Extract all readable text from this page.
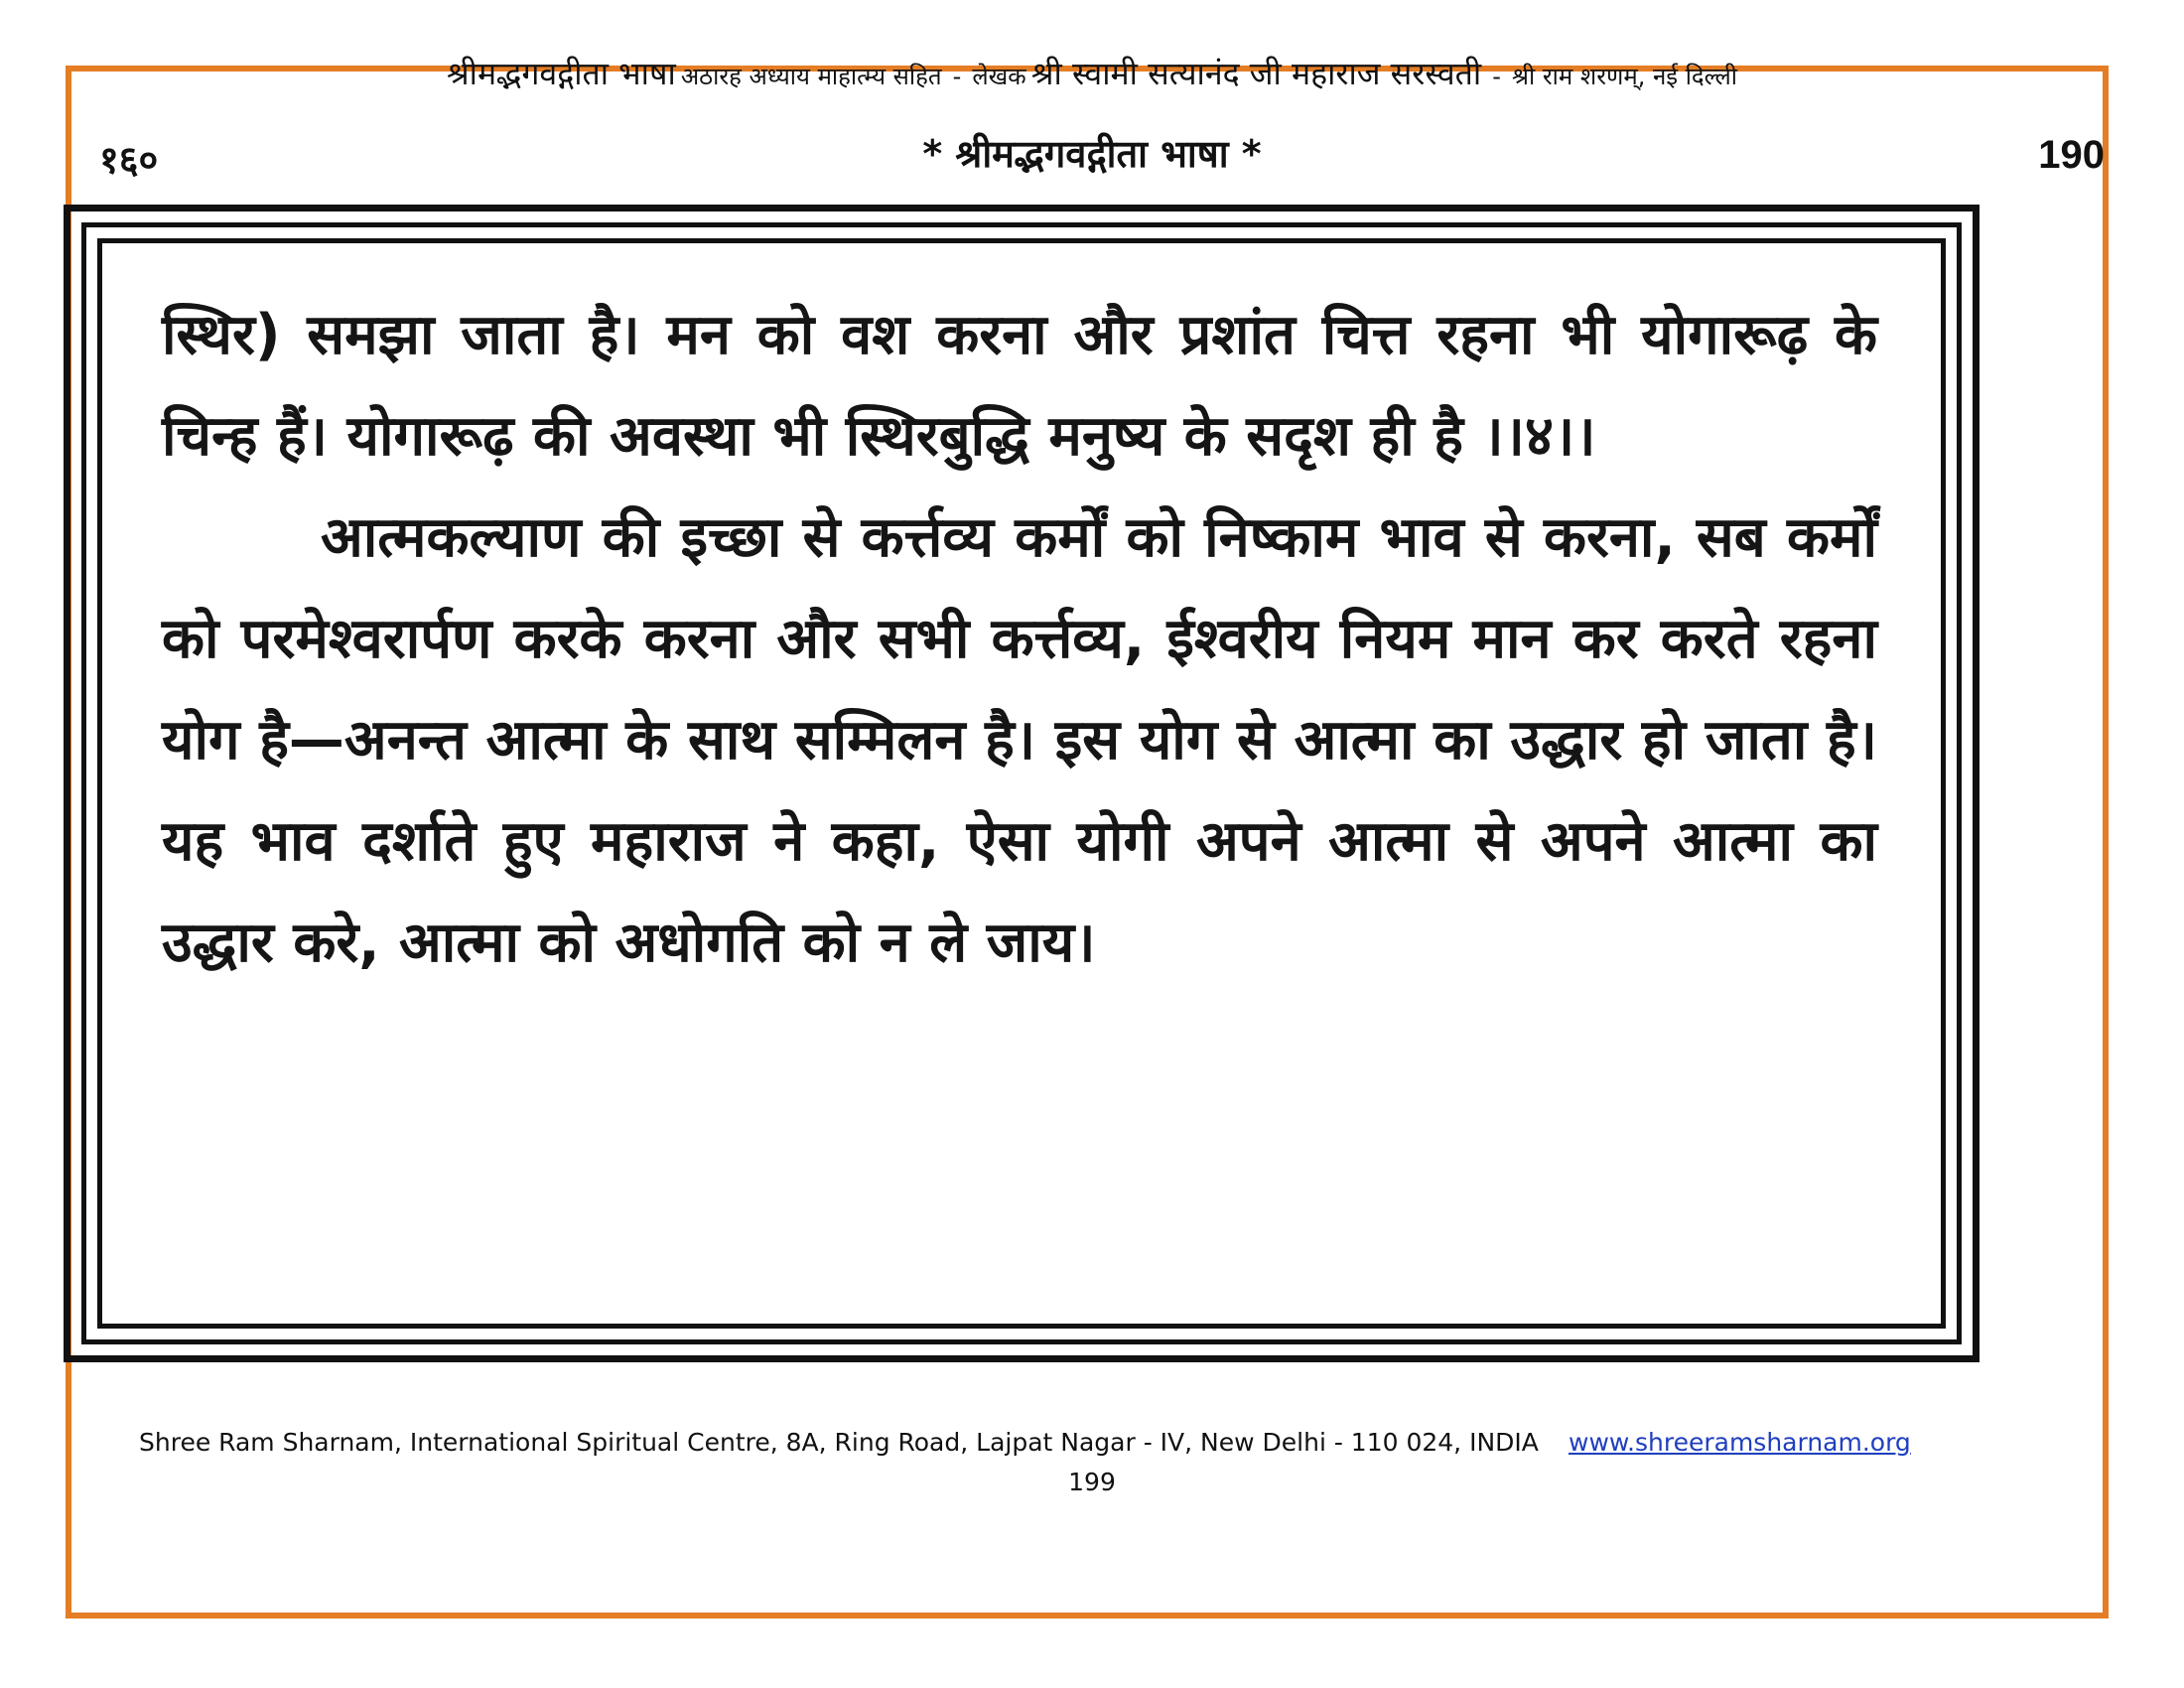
श्रीमद्भगवद्गीता भाषा अठारह अध्याय माहात्म्य सहित - लेखक श्री स्वामी सत्यानंद जी महाराज सरस्वती - श्री राम शरणम्, नई दिल्ली
१६०	* श्रीमद्भगवद्गीता भाषा *	190

स्थिर) समझा जाता है। मन को वश करना और प्रशांत चित्त रहना भी योगारूढ़ के चिन्ह हैं। योगारूढ़ की अवस्था भी स्थिरबुद्धि मनुष्य के सदृश ही है ।।४।।

आत्मकल्याण की इच्छा से कर्त्तव्य कर्मों को निष्काम भाव से करना, सब कर्मों को परमेश्वरार्पण करके करना और सभी कर्त्तव्य, ईश्वरीय नियम मान कर करते रहना योग है—अनन्त आत्मा के साथ सम्मिलन है। इस योग से आत्मा का उद्धार हो जाता है। यह भाव दर्शाते हुए महाराज ने कहा, ऐसा योगी अपने आत्मा से अपने आत्मा का उद्धार करे, आत्मा को अधोगति को न ले जाय।

Shree Ram Sharnam, International Spiritual Centre, 8A, Ring Road, Lajpat Nagar - IV, New Delhi - 110 024, INDIA www.shreeramsharnam.org
199
